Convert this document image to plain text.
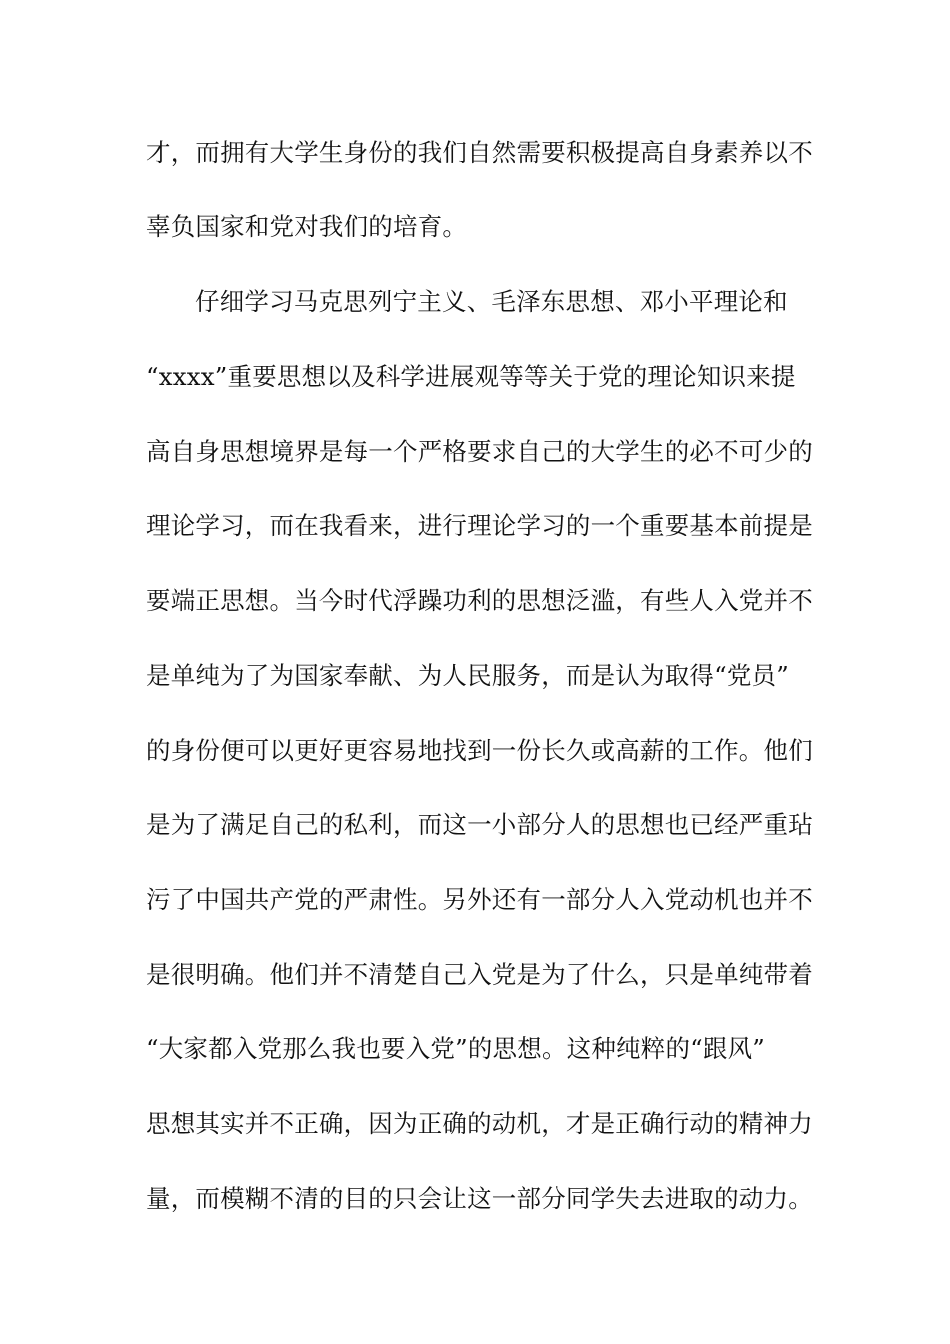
才，而拥有大学生身份的我们自然需要积极提高自身素养以不
辜负国家和党对我们的培育。
仔细学习马克思列宁主义、毛泽东思想、邓小平理论和
“xxxx”重要思想以及科学进展观等等关于党的理论知识来提
高自身思想境界是每一个严格要求自己的大学生的必不可少的
理论学习，而在我看来，进行理论学习的一个重要基本前提是
要端正思想。当今时代浮躁功利的思想泛滥，有些人入党并不
是单纯为了为国家奉献、为人民服务，而是认为取得“党员”
的身份便可以更好更容易地找到一份长久或高薪的工作。他们
是为了满足自己的私利，而这一小部分人的思想也已经严重玷
污了中国共产党的严肃性。另外还有一部分人入党动机也并不
是很明确。他们并不清楚自己入党是为了什么，只是单纯带着
“大家都入党那么我也要入党”的思想。这种纯粹的“跟风”
思想其实并不正确，因为正确的动机，才是正确行动的精神力
量，而模糊不清的目的只会让这一部分同学失去进取的动力。
